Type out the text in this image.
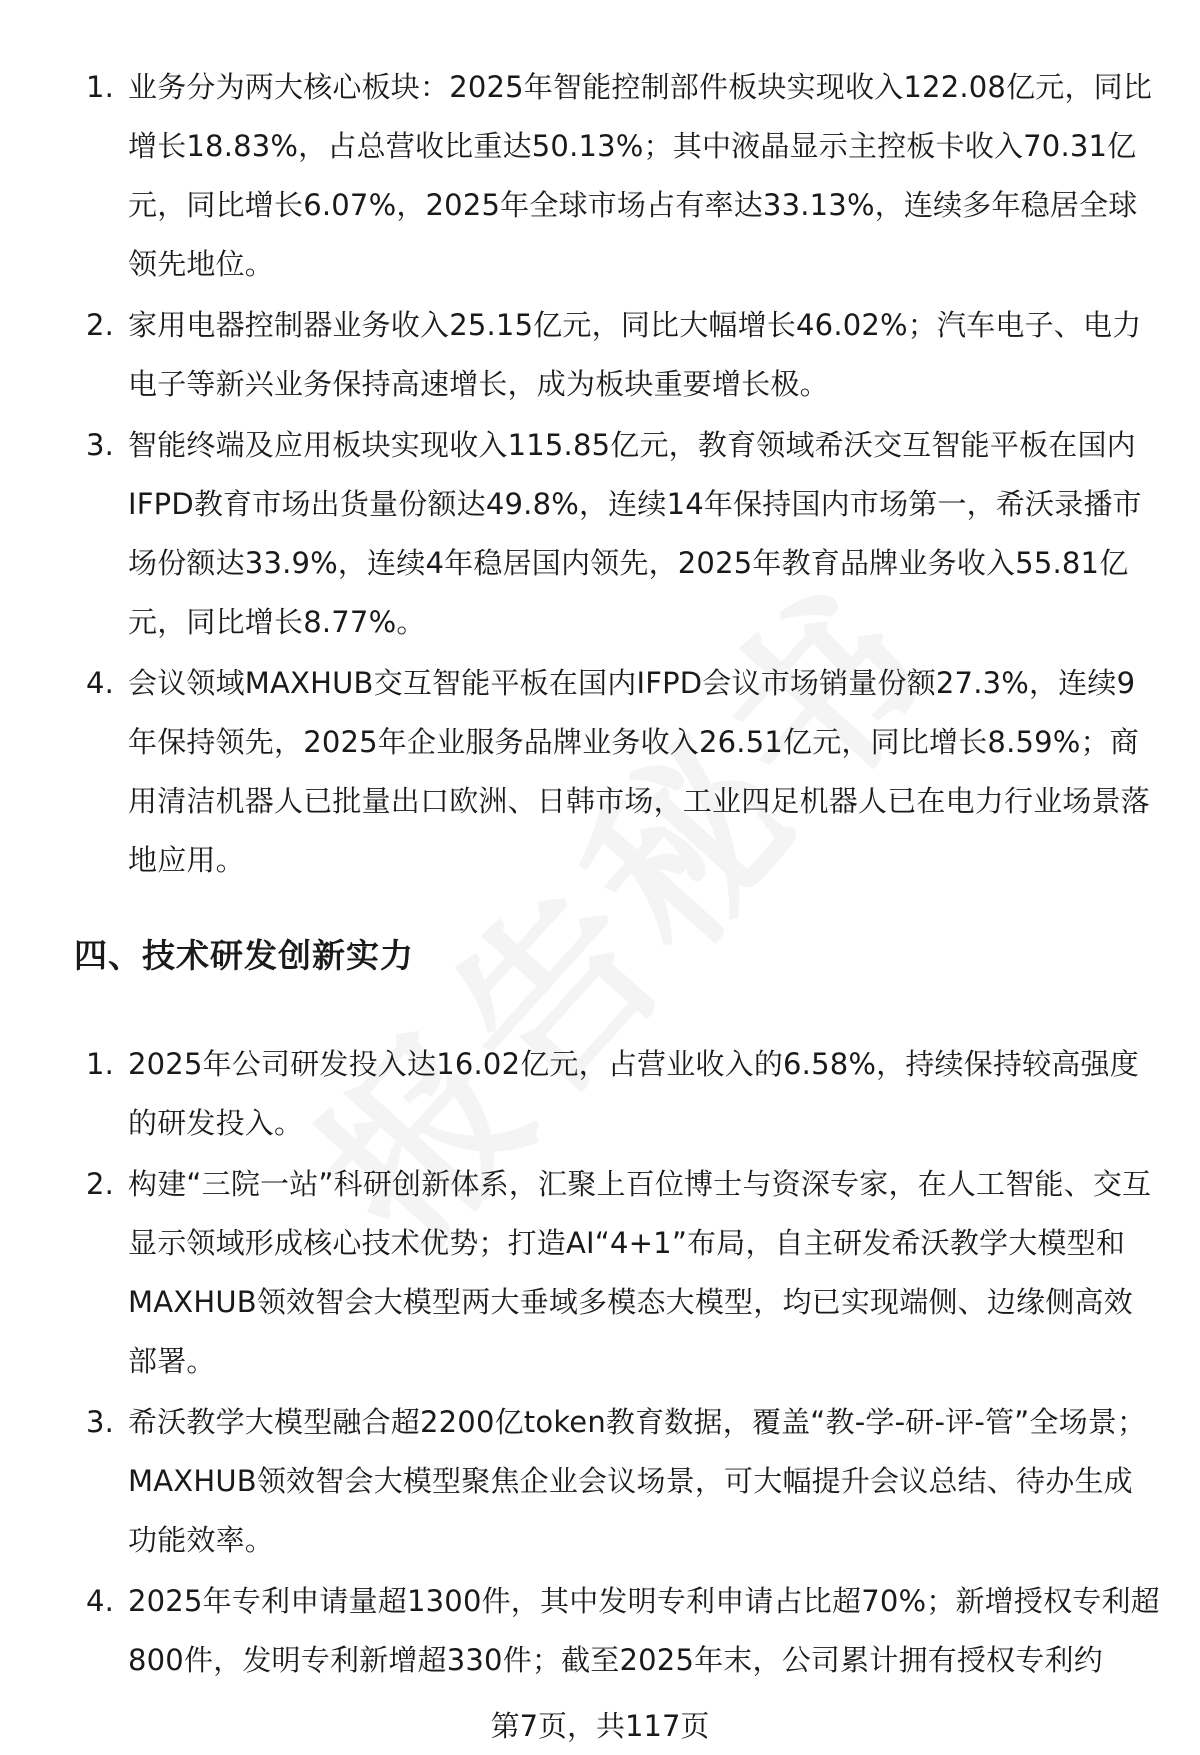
1. 业务分为两大核心板块：2025年智能控制部件板块实现收入122.08亿元，同比增长18.83%，占总营收比重达50.13%；其中液晶显示主控板卡收入70.31亿元，同比增长6.07%，2025年全球市场占有率达33.13%，连续多年稳居全球领先地位。
2. 家用电器控制器业务收入25.15亿元，同比大幅增长46.02%；汽车电子、电力电子等新兴业务保持高速增长，成为板块重要增长极。
3. 智能终端及应用板块实现收入115.85亿元，教育领域希沃交互智能平板在国内IFPD教育市场出货量份额达49.8%，连续14年保持国内市场第一，希沃录播市场份额达33.9%，连续4年稳居国内领先，2025年教育品牌业务收入55.81亿元，同比增长8.77%。
4. 会议领域MAXHUB交互智能平板在国内IFPD会议市场销量份额27.3%，连续9年保持领先，2025年企业服务品牌业务收入26.51亿元，同比增长8.59%；商用清洁机器人已批量出口欧洲、日韩市场，工业四足机器人已在电力行业场景落地应用。
四、技术研发创新实力
1. 2025年公司研发投入达16.02亿元，占营业收入的6.58%，持续保持较高强度的研发投入。
2. 构建“三院一站”科研创新体系，汇聚上百位博士与资深专家，在人工智能、交互显示领域形成核心技术优势；打造AI“4+1”布局，自主研发希沃教学大模型和MAXHUB领效智会大模型两大垂域多模态大模型，均已实现端侧、边缘侧高效部署。
3. 希沃教学大模型融合超2200亿token教育数据，覆盖“教-学-研-评-管”全场景；MAXHUB领效智会大模型聚焦企业会议场景，可大幅提升会议总结、待办生成功能效率。
4. 2025年专利申请量超1300件，其中发明专利申请占比超70%；新增授权专利超800件，发明专利新增超330件；截至2025年末，公司累计拥有授权专利约
第7页，共117页
